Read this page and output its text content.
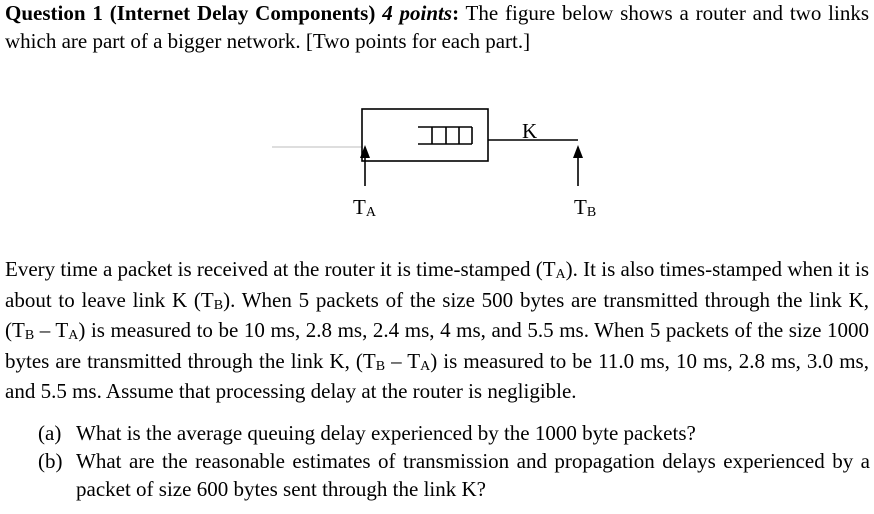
Question 1 (Internet Delay Components) 4 points: The figure below shows a router and two links which are part of a bigger network. [Two points for each part.]
K
TA	TB
Every time a packet is received at the router it is time-stamped (TA). It is also times-stamped when it is about to leave link K (TB). When 5 packets of the size 500 bytes are transmitted through the link K, (TB – TA) is measured to be 10 ms, 2.8 ms, 2.4 ms, 4 ms, and 5.5 ms. When 5 packets of the size 1000 bytes are transmitted through the link K, (TB – TA) is measured to be 11.0 ms, 10 ms, 2.8 ms, 3.0 ms, and 5.5 ms. Assume that processing delay at the router is negligible.
(a) What is the average queuing delay experienced by the 1000 byte packets?
(b) What are the reasonable estimates of transmission and propagation delays experienced by a packet of size 600 bytes sent through the link K?
